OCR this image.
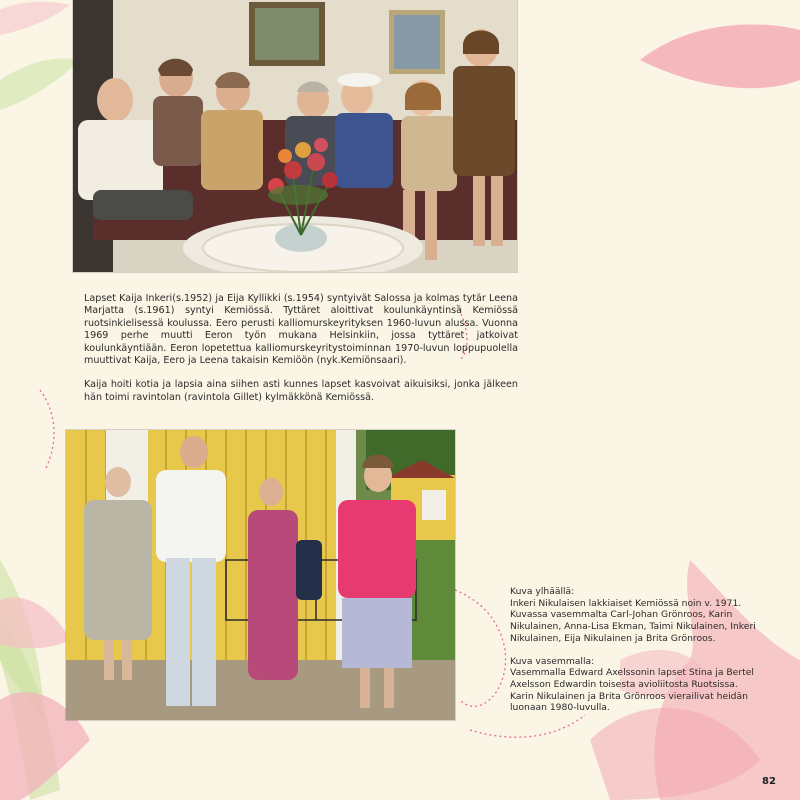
Lapset Kaija Inkeri(s.1952) ja Eija Kyllikki (s.1954) syntyivät Salossa ja kolmas tytär Leena Marjatta (s.1961) syntyi Kemiössä. Tyttäret aloittivat koulunkäyntinsä Kemiössä ruotsinkielisessä koulussa. Eero perusti kalliomurskeyrityksen 1960-luvun alussa. Vuonna 1969 perhe muutti Eeron työn mukana Helsinkiin, jossa tyttäret jatkoivat koulunkäyntiään. Eeron lopetettua kalliomurskeyritystoiminnan 1970-luvun loppupuolella muuttivat Kaija, Eero ja Leena takaisin Kemiöön (nyk.Kemiönsaari).

Kaija hoiti kotia ja lapsia aina siihen asti kunnes lapset kasvoivat aikuisiksi, jonka jälkeen hän toimi ravintolan (ravintola Gillet) kylmäkkönä Kemiössä.

Kuva ylhäällä:
Inkeri Nikulaisen lakkiaiset Kemiössä noin v. 1971. Kuvassa vasemmalta Carl-Johan Grönroos, Karin Nikulainen, Anna-Lisa Ekman, Taimi Nikulainen, Inkeri Nikulainen, Eija Nikulainen ja Brita Grönroos.

Kuva vasemmalla:
Vasemmalla Edward Axelssonin lapset Stina ja Bertel Axelsson Edwardin toisesta avioliitosta Ruotsissa. Karin Nikulainen ja Brita Grönroos vierailivat heidän luonaan 1980-luvulla.

82
